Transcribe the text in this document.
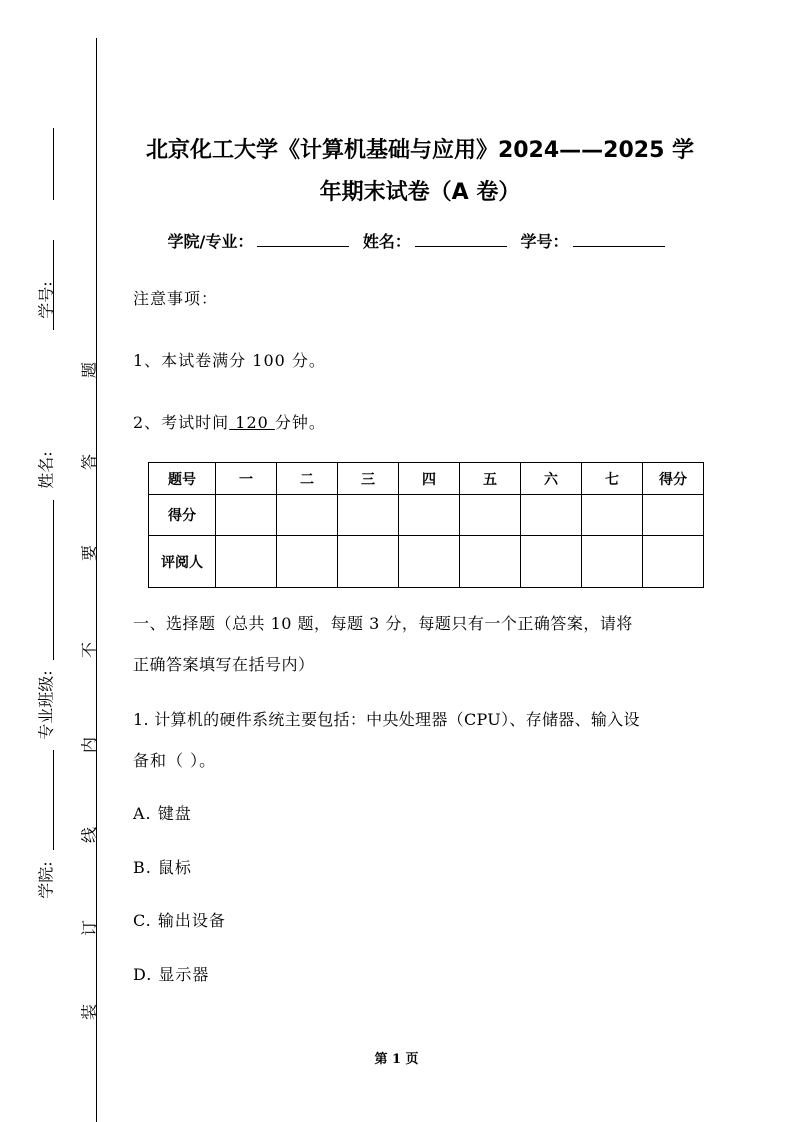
学号:
姓名:
专业班级:
学院:
题
答
要
不
内
线
订
装
北京化工大学《计算机基础与应用》2024——2025 学
年期末试卷（A 卷）
学院/专业：	姓名：	学号：
注意事项：
1、本试卷满分 100 分。
2、考试时间 120 分钟。
题号	一	二	三	四	五	六	七	得分
得分								
评阅人								
一、选择题（总共 10 题，每题 3 分，每题只有一个正确答案，请将
正确答案填写在括号内）
1. 计算机的硬件系统主要包括：中央处理器（CPU）、存储器、输入设
备和（ ）。
A. 键盘
B. 鼠标
C. 输出设备
D. 显示器
第 1 页
